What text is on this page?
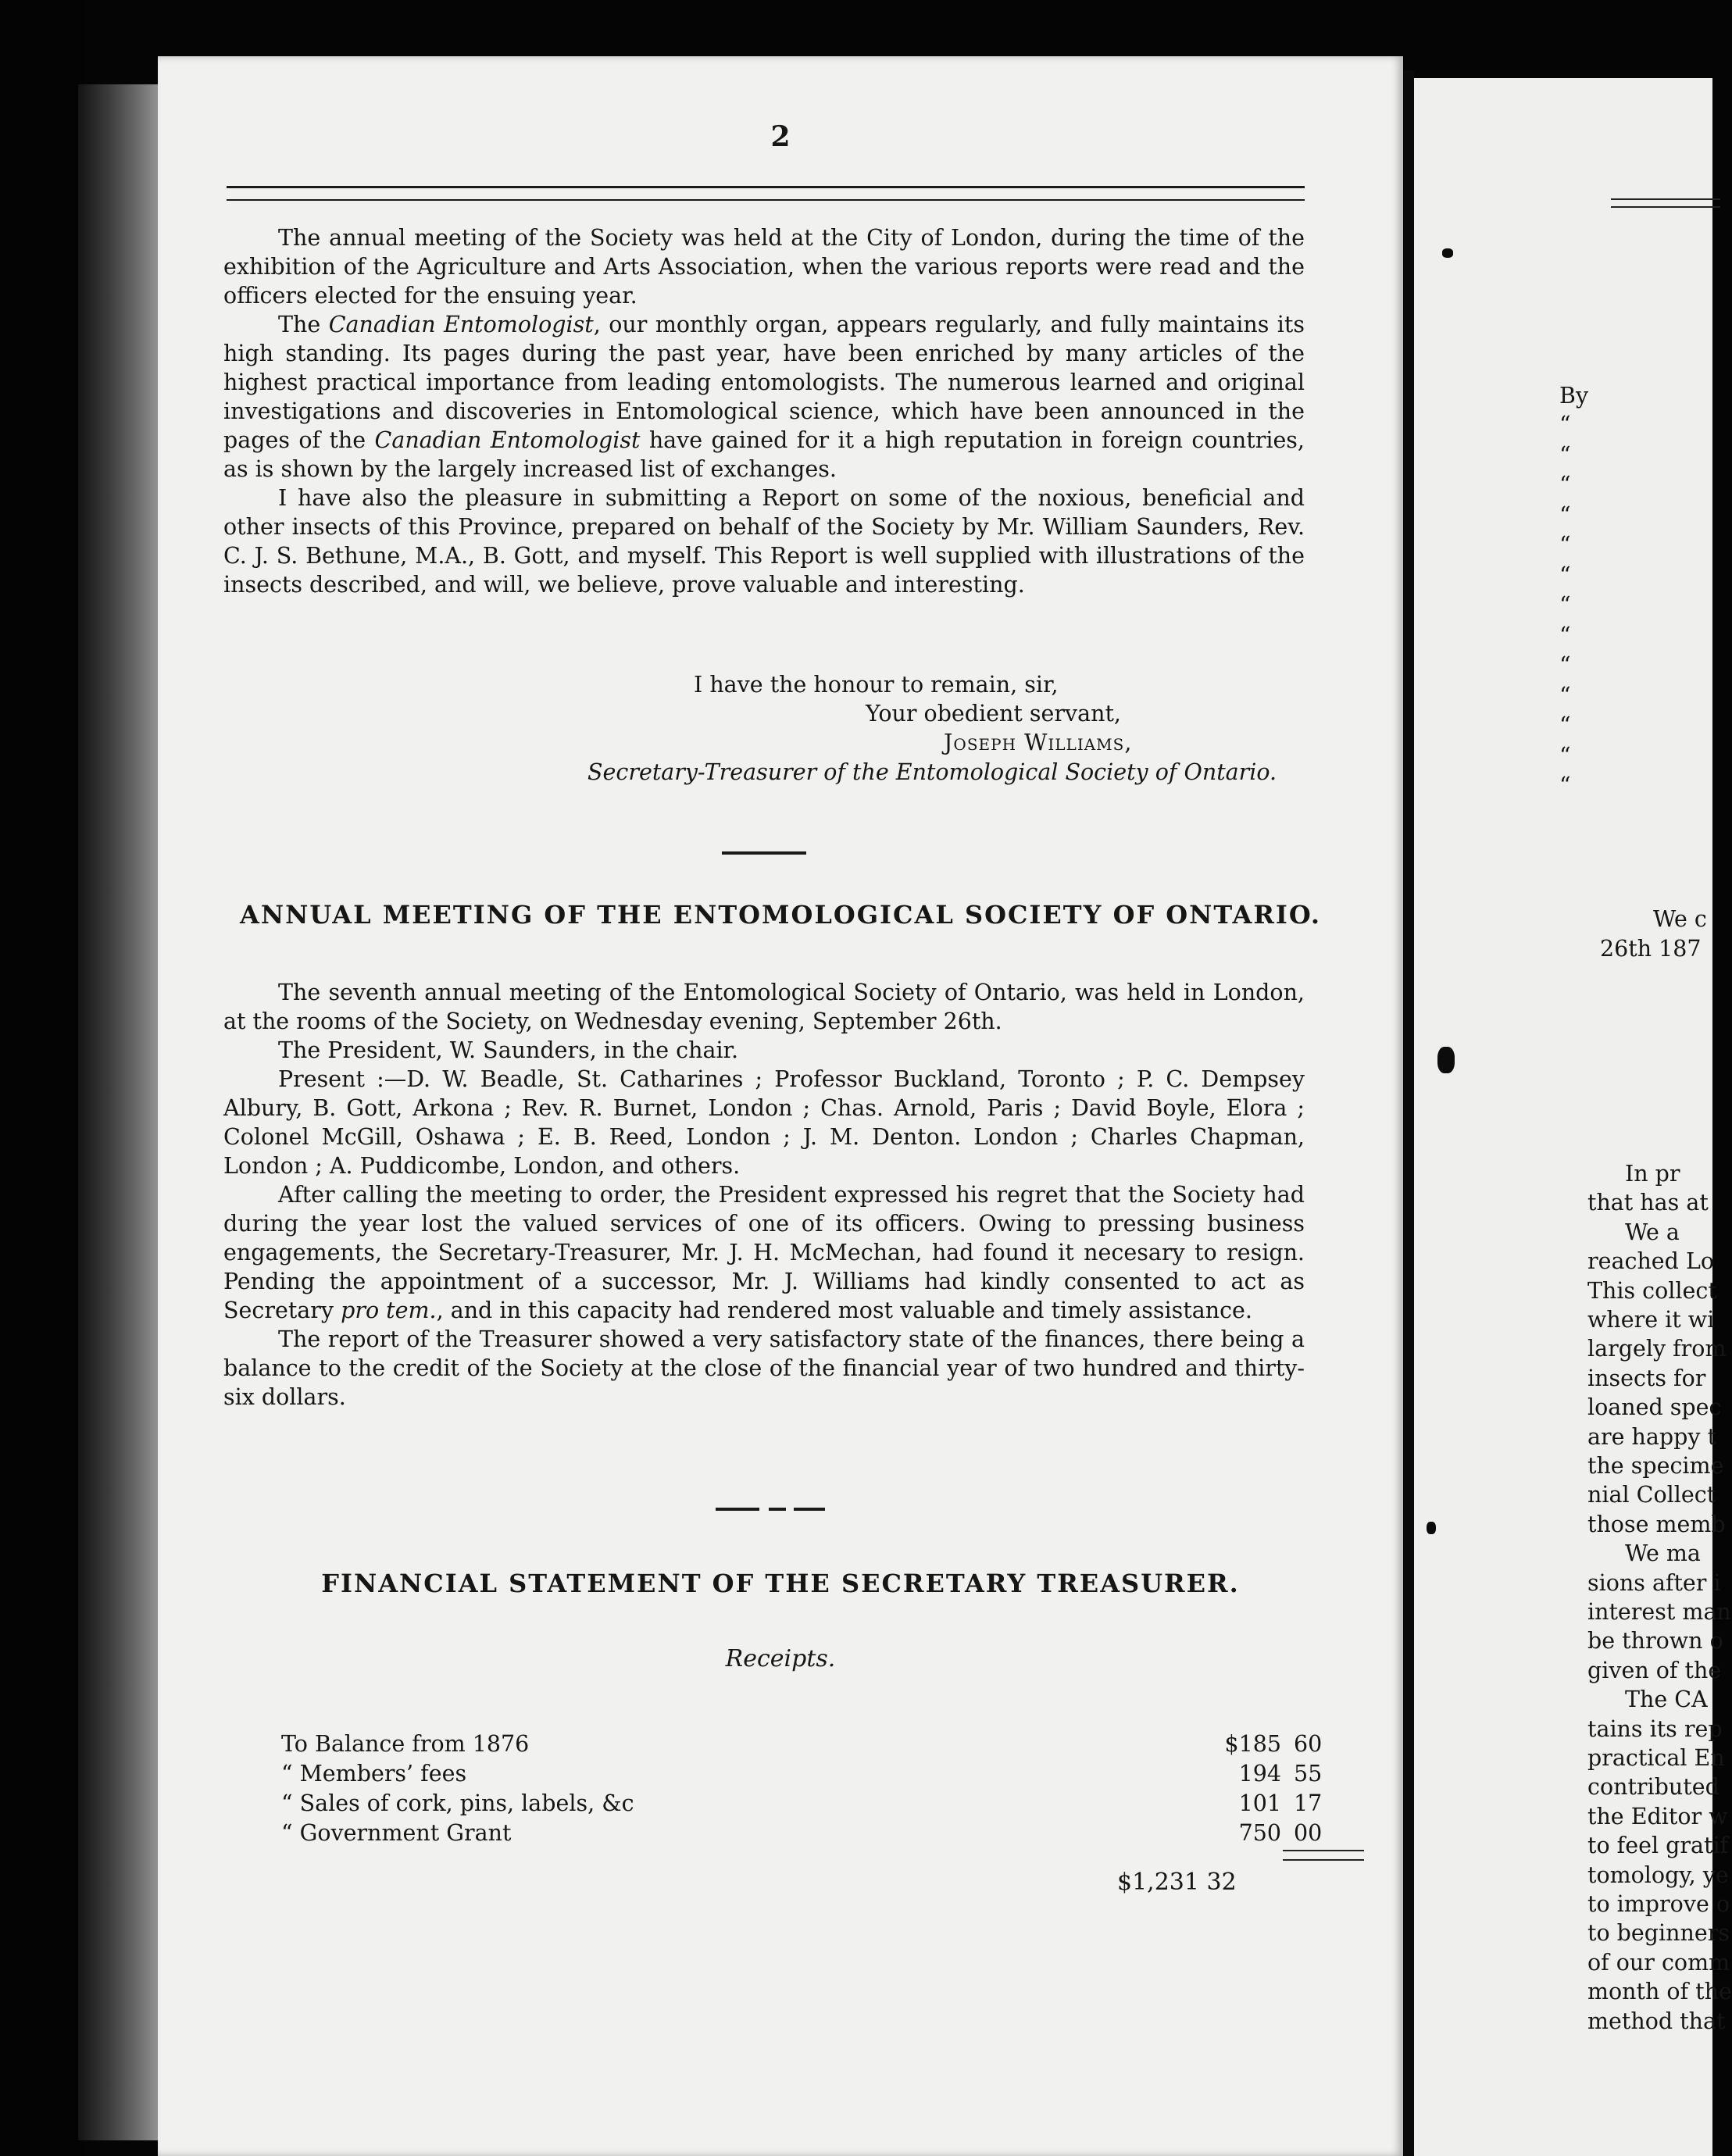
2

The annual meeting of the Society was held at the City of London, during the time of the exhibition of the Agriculture and Arts Association, when the various reports were read and the officers elected for the ensuing year.

The Canadian Entomologist, our monthly organ, appears regularly, and fully maintains its high standing. Its pages during the past year, have been enriched by many articles of the highest practical importance from leading entomologists. The numerous learned and original investigations and discoveries in Entomological science, which have been announced in the pages of the Canadian Entomologist have gained for it a high reputation in foreign countries, as is shown by the largely increased list of exchanges.

I have also the pleasure in submitting a Report on some of the noxious, beneficial and other insects of this Province, prepared on behalf of the Society by Mr. William Saunders, Rev. C. J. S. Bethune, M.A., B. Gott, and myself. This Report is well supplied with illustrations of the insects described, and will, we believe, prove valuable and interesting.

I have the honour to remain, sir,
Your obedient servant,
Joseph Williams,
Secretary-Treasurer of the Entomological Society of Ontario.
ANNUAL MEETING OF THE ENTOMOLOGICAL SOCIETY OF ONTARIO.

The seventh annual meeting of the Entomological Society of Ontario, was held in London, at the rooms of the Society, on Wednesday evening, September 26th.

The President, W. Saunders, in the chair.

Present :—D. W. Beadle, St. Catharines ; Professor Buckland, Toronto ; P. C. Dempsey Albury, B. Gott, Arkona ; Rev. R. Burnet, London ; Chas. Arnold, Paris ; David Boyle, Elora ; Colonel McGill, Oshawa ; E. B. Reed, London ; J. M. Denton. London ; Charles Chapman, London ; A. Puddicombe, London, and others.

After calling the meeting to order, the President expressed his regret that the Society had during the year lost the valued services of one of its officers. Owing to pressing business engagements, the Secretary-Treasurer, Mr. J. H. McMechan, had found it necesary to resign. Pending the appointment of a successor, Mr. J. Williams had kindly consented to act as Secretary pro tem., and in this capacity had rendered most valuable and timely assistance.

The report of the Treasurer showed a very satisfactory state of the finances, there being a balance to the credit of the Society at the close of the financial year of two hundred and thirty-six dollars.

FINANCIAL STATEMENT OF THE SECRETARY TREASURER.
Receipts.

To Balance from 1876	$185 60
“ Members’ fees	194 55
“ Sales of cork, pins, labels, &c	101 17
“ Government Grant	750 00
$1,231 32
By
“
“
“
“
“
“
“
“
“
“
“
“
“
We c
26th 187
In pr
that has at
We a
reached Lo
This collect
where it wi
largely from
insects for
loaned spec
are happy t
the specime
nial Collect
those memb
We ma
sions after i
interest man
be thrown o
given of the
The CA
tains its rep
practical En
contributed
the Editor w
to feel gratif
tomology, ye
to improve o
to beginners
of our comm
month of the
method that
